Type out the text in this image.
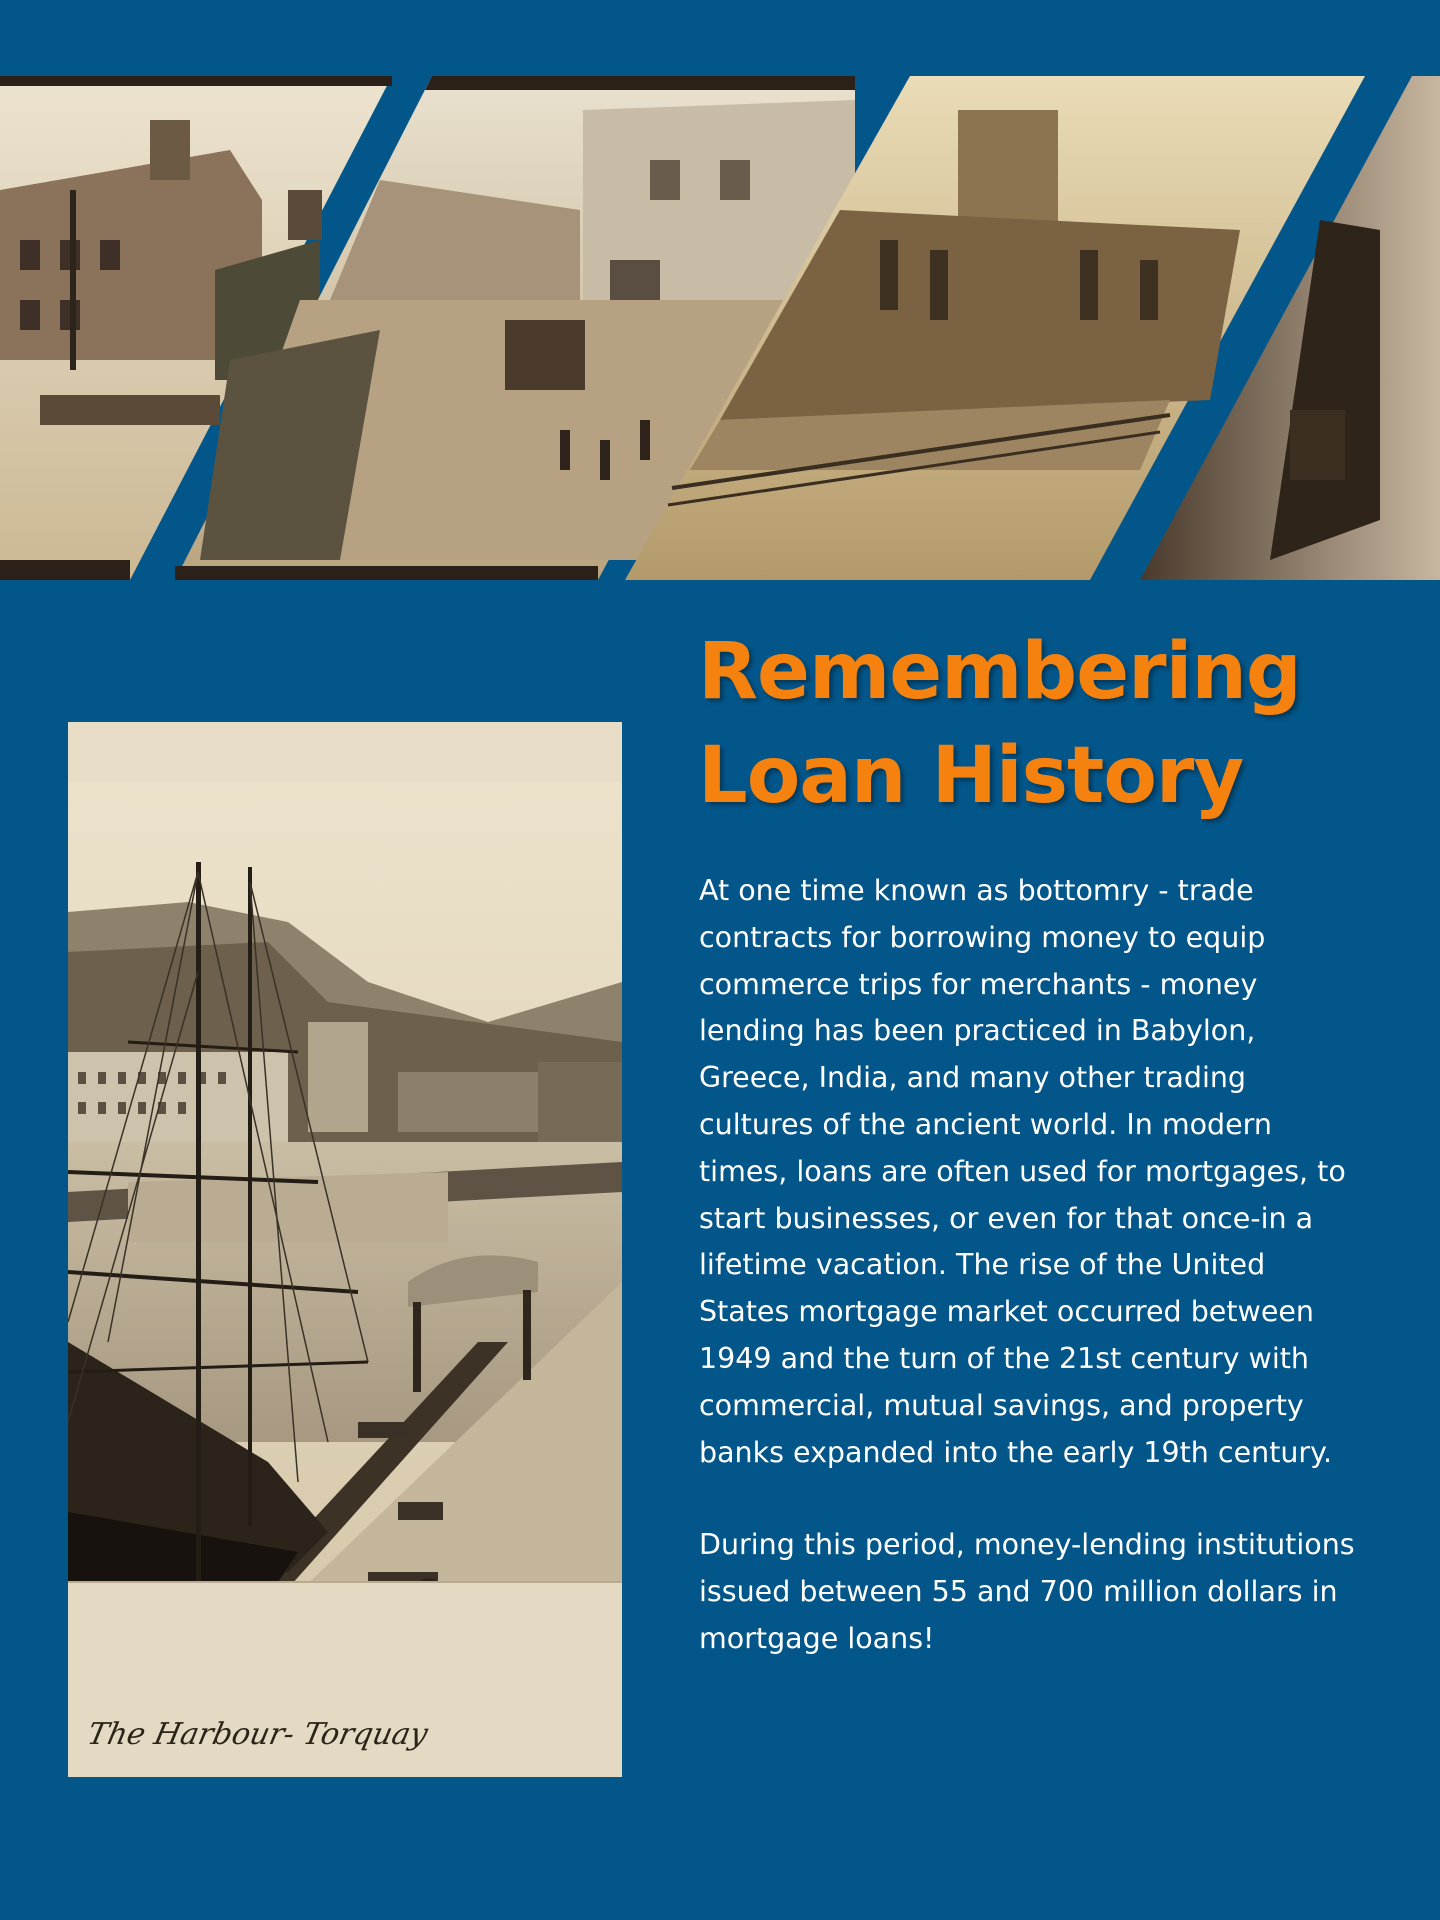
The Harbour- Torquay
Remembering
Loan History

At one time known as bottomry - trade contracts for borrowing money to equip commerce trips for merchants - money lending has been practiced in Babylon, Greece, India, and many other trading cultures of the ancient world. In modern times, loans are often used for mortgages, to start businesses, or even for that once-in a lifetime vacation. The rise of the United States mortgage market occurred between 1949 and the turn of the 21st century with commercial, mutual savings, and property banks expanded into the early 19th century.

During this period, money-lending institutions issued between 55 and 700 million dollars in mortgage loans!
